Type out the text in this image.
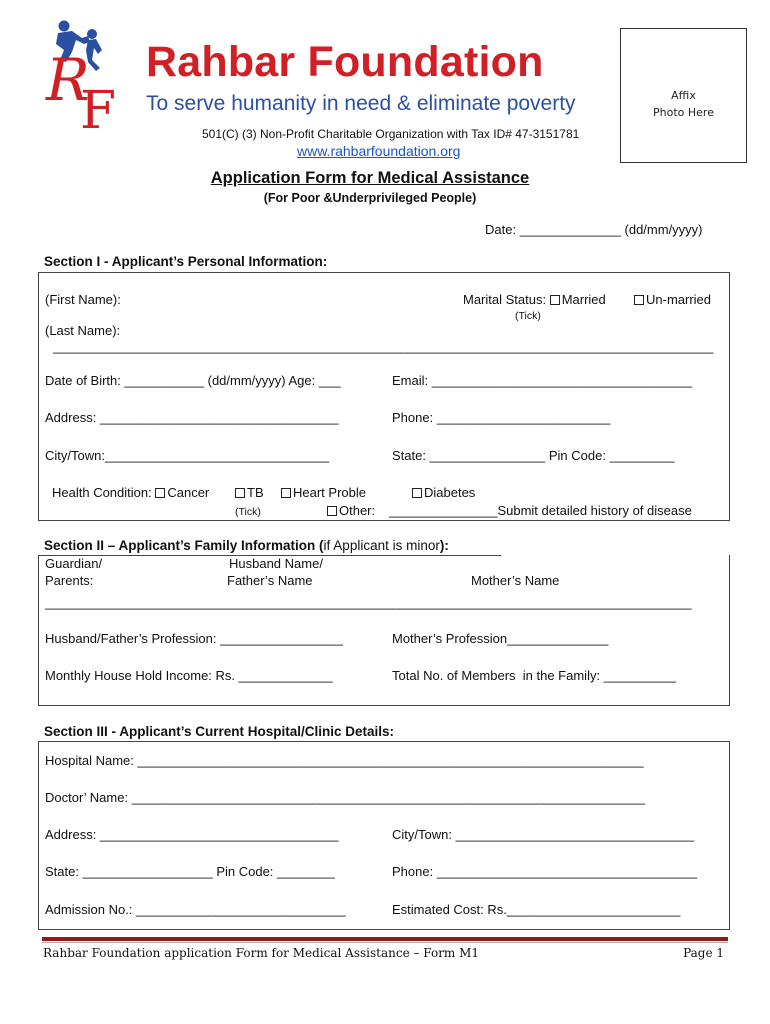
R
F
Rahbar Foundation
To serve humanity in need & eliminate poverty
501(C) (3) Non-Profit Charitable Organization with Tax ID# 47-3151781
www.rahbarfoundation.org
Affix
Photo Here
Application Form for Medical Assistance
(For Poor &Underprivileged People)
Date: ______________ (dd/mm/yyyy)
Section I - Applicant’s Personal Information:
(First Name):	Marital Status: Married	Un-married
(Tick)
(Last Name):
_______________________________________________________________________________________________
Date of Birth: ___________ (dd/mm/yyyy) Age: ___	Email: ____________________________________
Address: _________________________________	Phone: ________________________
City/Town:_______________________________	State: ________________ Pin Code: _________
Health Condition: Cancer	TB	Heart Proble	Diabetes
(Tick)	Other: _______________Submit detailed history of disease
Section II – Applicant’s Family Information (if Applicant is minor):
Guardian/
Parents:
Husband Name/
Father’s Name	Mother’s Name
_____________________________________________________________________________________________
Husband/Father’s Profession: _________________	Mother’s Profession______________
Monthly House Hold Income: Rs. _____________	Total No. of Members  in the Family: __________
Section III - Applicant’s Current Hospital/Clinic Details:
Hospital Name: ______________________________________________________________________
Doctor’ Name: _______________________________________________________________________
Address: _________________________________	City/Town: _________________________________
State: __________________ Pin Code: ________	Phone: ____________________________________
Admission No.: _____________________________	Estimated Cost: Rs.________________________
Rahbar Foundation application Form for Medical Assistance – Form M1	Page 1
